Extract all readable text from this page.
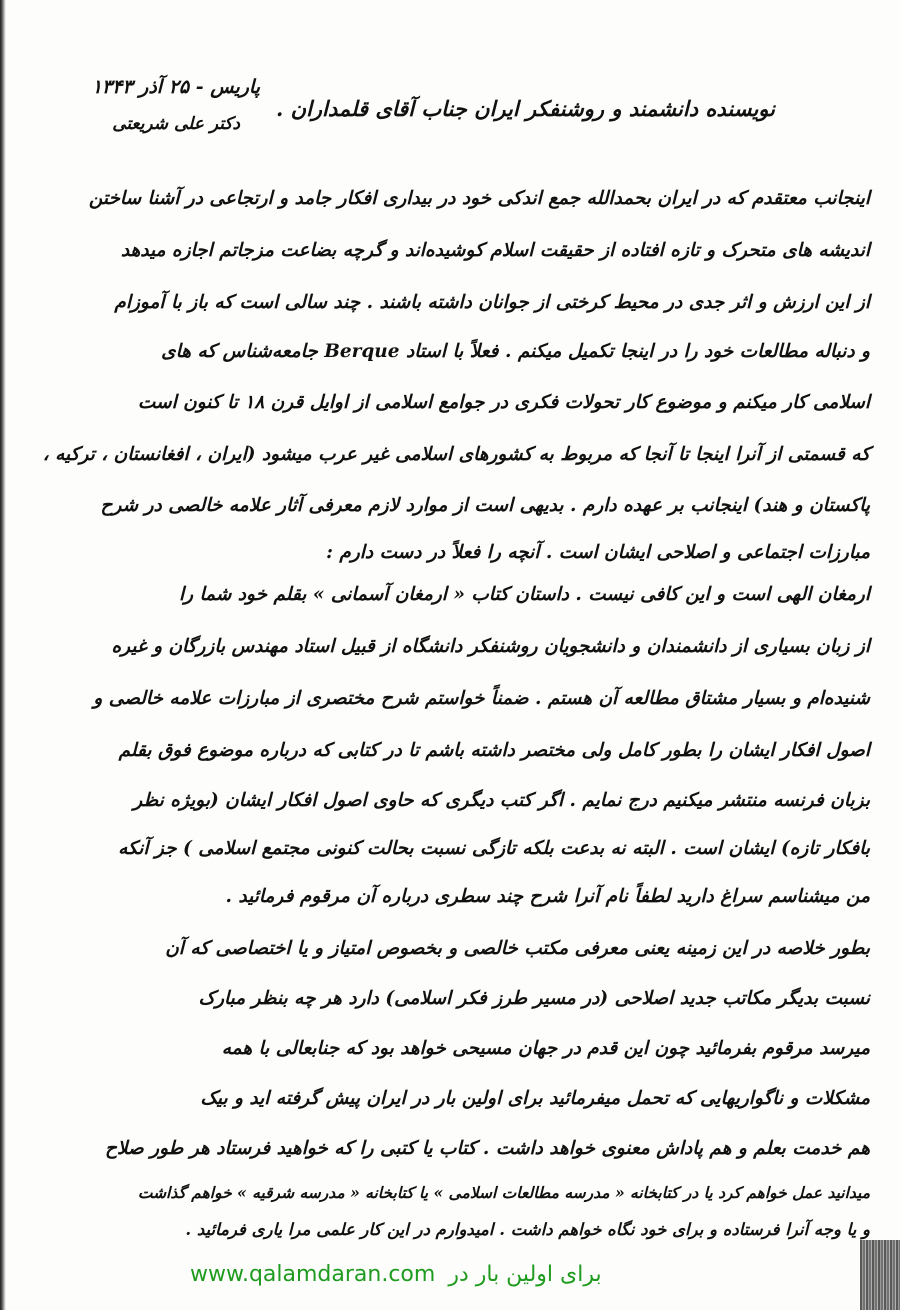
پاریس - ۲۵ آذر ۱۳۴۳
دکتر علی شریعتی
نویسنده دانشمند و روشنفکر ایران جناب آقای قلمداران .
اینجانب معتقدم که در ایران بحمدالله جمع اندکی خود در بیداری افکار جامد و ارتجاعی در آشنا ساختن
اندیشه های متحرک و تازه افتاده از حقیقت اسلام کوشیده‌اند و گرچه بضاعت مزجاتم اجازه میدهد
از این ارزش و اثر جدی در محیط کرختی از جوانان داشته باشند . چند سالی است که باز با آموزام
و دنباله مطالعات خود را در اینجا تکمیل میکنم . فعلاً با استاد Berque جامعه‌شناس که های
اسلامی کار میکنم و موضوع کار تحولات فکری در جوامع اسلامی از اوایل قرن ۱۸ تا کنون است
که قسمتی از آنرا اینجا تا آنجا که مربوط به کشورهای اسلامی غیر عرب میشود (ایران ، افغانستان ، ترکیه ،
پاکستان و هند) اینجانب بر عهده دارم . بدیهی است از موارد لازم معرفی آثار علامه خالصی در شرح
مبارزات اجتماعی و اصلاحی ایشان است . آنچه را فعلاً در دست دارم :
ارمغان الهی است و این کافی نیست . داستان کتاب « ارمغان آسمانی » بقلم خود شما را
از زبان بسیاری از دانشمندان و دانشجویان روشنفکر دانشگاه از قبیل استاد مهندس بازرگان و غیره
شنیده‌ام و بسیار مشتاق مطالعه آن هستم . ضمناً خواستم شرح مختصری از مبارزات علامه خالصی و
اصول افکار ایشان را بطور کامل ولی مختصر داشته باشم تا در کتابی که درباره موضوع فوق بقلم
بزبان فرنسه منتشر میکنیم درج نمایم . اگر کتب دیگری که حاوی اصول افکار ایشان (بویژه نظر
بافکار تازه) ایشان است . البته نه بدعت بلکه تازگی نسبت بحالت کنونی مجتمع اسلامی ) جز آنکه
من میشناسم سراغ دارید لطفاً نام آنرا شرح چند سطری درباره آن مرقوم فرمائید .
بطور خلاصه در این زمینه یعنی معرفی مکتب خالصی و بخصوص امتیاز و یا اختصاصی که آن
نسبت بدیگر مکاتب جدید اصلاحی (در مسیر طرز فکر اسلامی) دارد هر چه بنظر مبارک
میرسد مرقوم بفرمائید چون این قدم در جهان مسیحی خواهد بود که جنابعالی با همه
مشکلات و ناگواریهایی که تحمل میفرمائید برای اولین بار در ایران پیش گرفته اید و بیک
هم خدمت بعلم و هم پاداش معنوی خواهد داشت . کتاب یا کتبی را که خواهید فرستاد هر طور صلاح
میدانید عمل خواهم کرد یا در کتابخانه « مدرسه مطالعات اسلامی » یا کتابخانه « مدرسه شرقیه » خواهم گذاشت
و یا وجه آنرا فرستاده و برای خود نگاه خواهم داشت . امیدوارم در این کار علمی مرا یاری فرمائید .
www.qalamdaran.com برای اولین بار در
